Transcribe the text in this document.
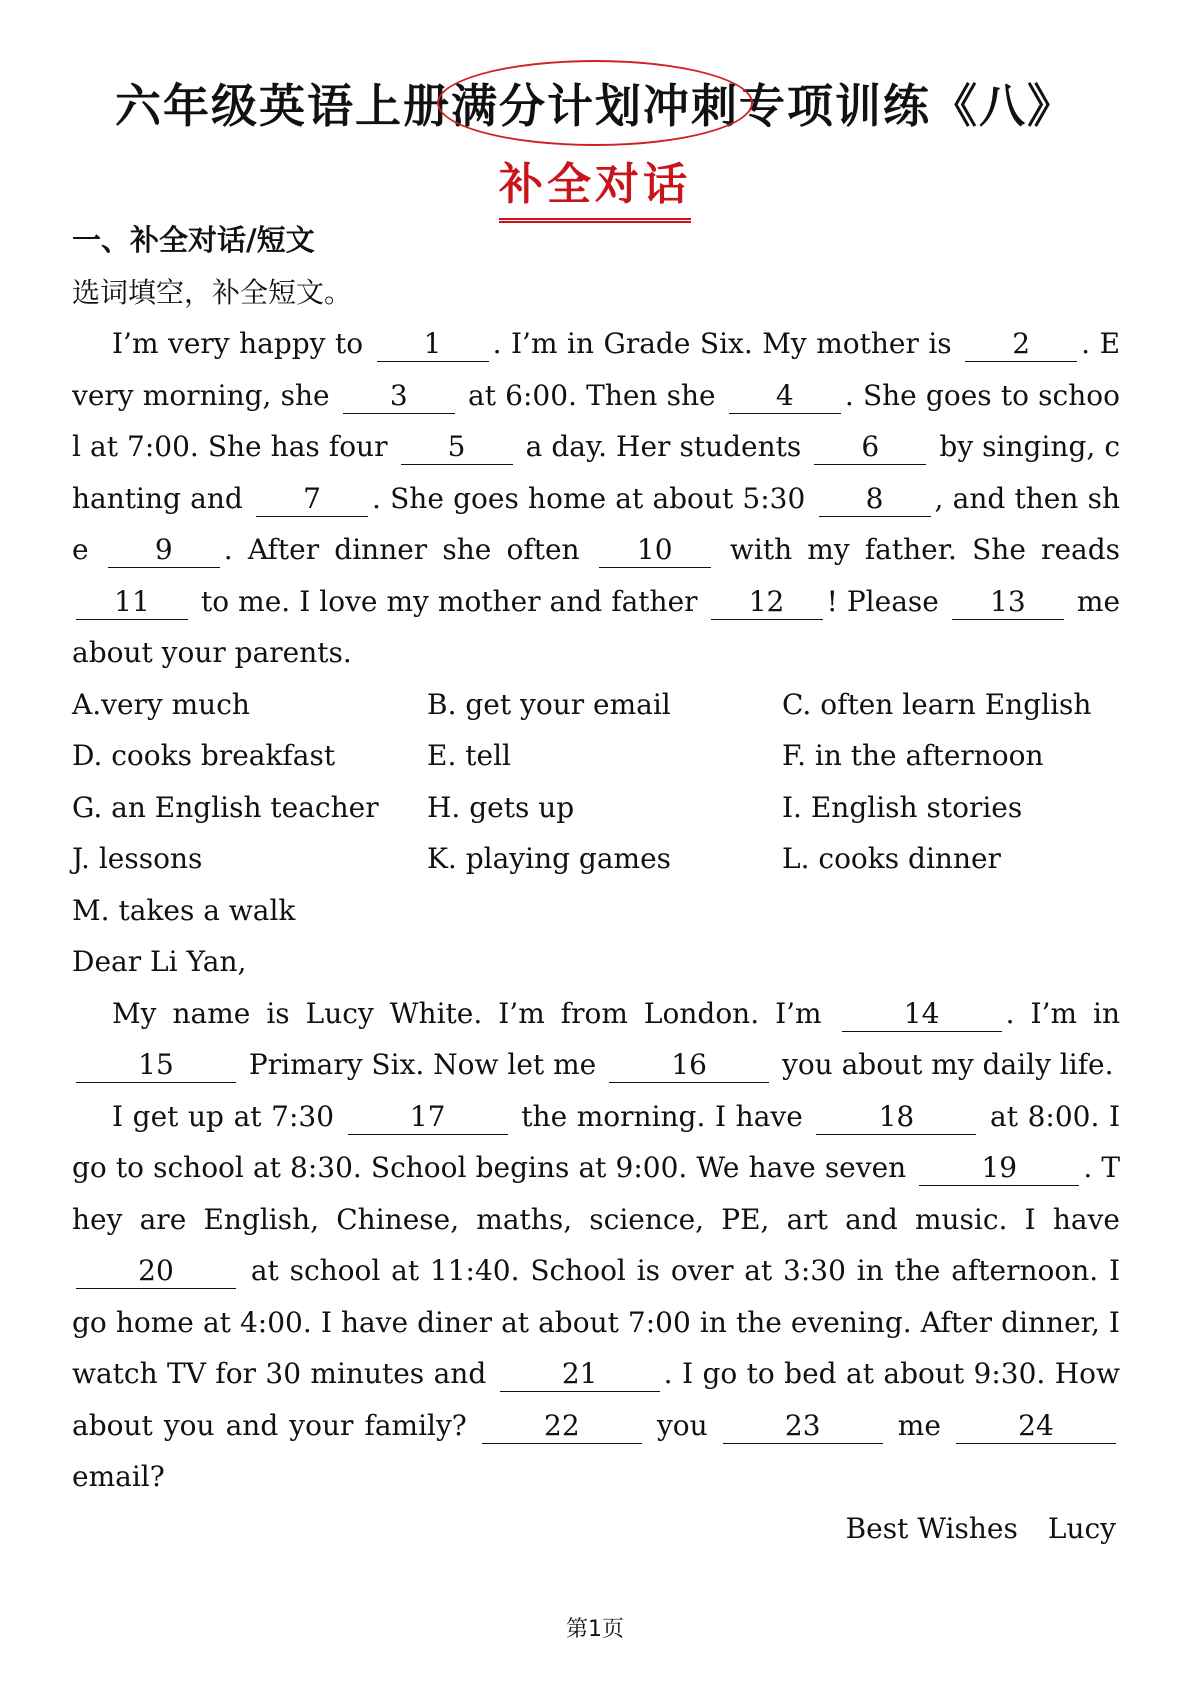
六年级英语上册满分计划冲刺专项训练《八》
补全对话
一、补全对话/短文
选词填空，补全短文。

I’m very happy to 1 . I’m in Grade Six. My mother is 2 . Every morning, she 3 at 6:00. Then she 4 . She goes to school at 7:00. She has four 5 a day. Her students 6 by singing, chanting and 7 . She goes home at about 5:30 8 , and then she 9 . After dinner she often 10 with my father. She reads 11 to me. I love my mother and father 12 ! Please 13 me about your parents.

A.very much	B. get your email	C. often learn English
D. cooks breakfast	E. tell	F. in the afternoon
G. an English teacher	H. gets up	I. English stories
J. lessons	K. playing games	L. cooks dinner
M. takes a walk
Dear Li Yan,

My name is Lucy White. I’m from London. I’m	14 . I’m in 15	Primary Six. Now let me	16	you about my daily life.

I get up at 7:30	17	the morning. I have	18	at 8:00. I go to school at 8:30. School begins at 9:00. We have seven	19 . They are English, Chinese, maths, science, PE, art and music. I have 20	at school at 11:40. School is over at 3:30 in the afternoon. I go home at 4:00. I have diner at about 7:00 in the evening. After dinner, I watch TV for 30 minutes and	21 . I go to bed at about 9:30. How about you and your family?	22	you	23	me	24 email?

Best Wishes Lucy
第1页
